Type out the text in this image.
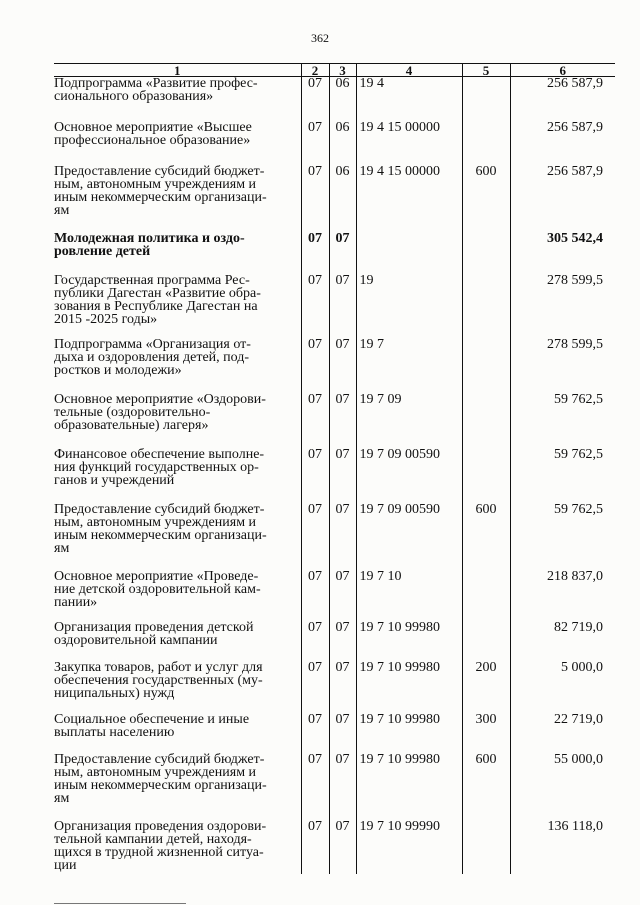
362
1	2	3	4	5	6
Подпрограмма «Развитие профес-
сионального образования»	07	06	19 4		256 587,9
Основное мероприятие «Высшее
профессиональное образование»	07	06	19 4 15 00000		256 587,9
Предоставление субсидий бюджет-
ным, автономным учреждениям и
иным некоммерческим организаци-
ям	07	06	19 4 15 00000	600	256 587,9
Молодежная политика и оздо-
ровление детей	07	07			305 542,4
Государственная программа Рес-
публики Дагестан «Развитие обра-
зования в Республике Дагестан на
2015 -2025 годы»	07	07	19		278 599,5
Подпрограмма «Организация от-
дыха и оздоровления детей, под-
ростков и молодежи»	07	07	19 7		278 599,5
Основное мероприятие «Оздорови-
тельные (оздоровительно-
образовательные) лагеря»	07	07	19 7 09		59 762,5
Финансовое обеспечение выполне-
ния функций государственных ор-
ганов и учреждений	07	07	19 7 09 00590		59 762,5
Предоставление субсидий бюджет-
ным, автономным учреждениям и
иным некоммерческим организаци-
ям	07	07	19 7 09 00590	600	59 762,5
Основное мероприятие «Проведе-
ние детской оздоровительной кам-
пании»	07	07	19 7 10		218 837,0
Организация проведения детской
оздоровительной кампании	07	07	19 7 10 99980		82 719,0
Закупка товаров, работ и услуг для
обеспечения государственных (му-
ниципальных) нужд	07	07	19 7 10 99980	200	5 000,0
Социальное обеспечение и иные
выплаты населению	07	07	19 7 10 99980	300	22 719,0
Предоставление субсидий бюджет-
ным, автономным учреждениям и
иным некоммерческим организаци-
ям	07	07	19 7 10 99980	600	55 000,0
Организация проведения оздорови-
тельной кампании детей, находя-
щихся в трудной жизненной ситуа-
ции	07	07	19 7 10 99990		136 118,0
